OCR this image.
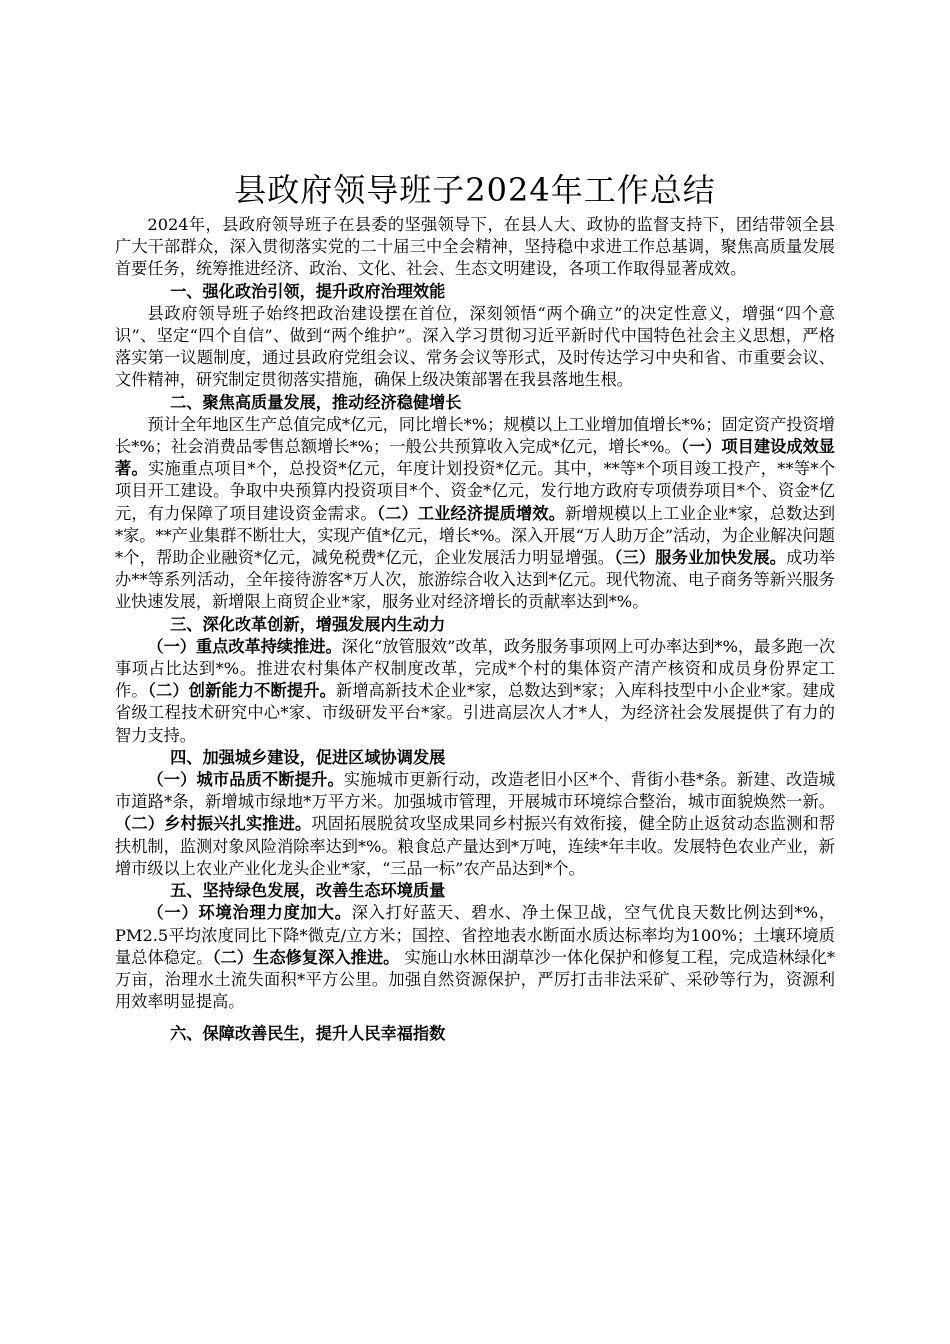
县政府领导班子2024年工作总结

2024年，县政府领导班子在县委的坚强领导下，在县人大、政协的监督支持下，团结带领全县广大干部群众，深入贯彻落实党的二十届三中全会精神，坚持稳中求进工作总基调，聚焦高质量发展首要任务，统筹推进经济、政治、文化、社会、生态文明建设，各项工作取得显著成效。

一、强化政治引领，提升政府治理效能

县政府领导班子始终把政治建设摆在首位，深刻领悟“两个确立”的决定性意义，增强“四个意识”、坚定“四个自信”、做到“两个维护”。深入学习贯彻习近平新时代中国特色社会主义思想，严格落实第一议题制度，通过县政府党组会议、常务会议等形式，及时传达学习中央和省、市重要会议、文件精神，研究制定贯彻落实措施，确保上级决策部署在我县落地生根。

二、聚焦高质量发展，推动经济稳健增长

预计全年地区生产总值完成*亿元，同比增长*%；规模以上工业增加值增长*%；固定资产投资增长*%；社会消费品零售总额增长*%；一般公共预算收入完成*亿元，增长*%。（一）项目建设成效显著。实施重点项目*个，总投资*亿元，年度计划投资*亿元。其中，**等*个项目竣工投产，**等*个项目开工建设。争取中央预算内投资项目*个、资金*亿元，发行地方政府专项债券项目*个、资金*亿元，有力保障了项目建设资金需求。（二）工业经济提质增效。新增规模以上工业企业*家，总数达到*家。**产业集群不断壮大，实现产值*亿元，增长*%。深入开展“万人助万企”活动，为企业解决问题*个，帮助企业融资*亿元，减免税费*亿元，企业发展活力明显增强。（三）服务业加快发展。成功举办**等系列活动，全年接待游客*万人次，旅游综合收入达到*亿元。现代物流、电子商务等新兴服务业快速发展，新增限上商贸企业*家，服务业对经济增长的贡献率达到*%。

三、深化改革创新，增强发展内生动力

（一）重点改革持续推进。深化“放管服效”改革，政务服务事项网上可办率达到*%，最多跑一次事项占比达到*%。推进农村集体产权制度改革，完成*个村的集体资产清产核资和成员身份界定工作。（二）创新能力不断提升。新增高新技术企业*家，总数达到*家；入库科技型中小企业*家。建成省级工程技术研究中心*家、市级研发平台*家。引进高层次人才*人，为经济社会发展提供了有力的智力支持。

四、加强城乡建设，促进区域协调发展

（一）城市品质不断提升。实施城市更新行动，改造老旧小区*个、背街小巷*条。新建、改造城市道路*条，新增城市绿地*万平方米。加强城市管理，开展城市环境综合整治，城市面貌焕然一新。（二）乡村振兴扎实推进。巩固拓展脱贫攻坚成果同乡村振兴有效衔接，健全防止返贫动态监测和帮扶机制，监测对象风险消除率达到*%。粮食总产量达到*万吨，连续*年丰收。发展特色农业产业，新增市级以上农业产业化龙头企业*家，“三品一标”农产品达到*个。

五、坚持绿色发展，改善生态环境质量

（一）环境治理力度加大。深入打好蓝天、碧水、净土保卫战，空气优良天数比例达到*%，PM2.5平均浓度同比下降*微克/立方米；国控、省控地表水断面水质达标率均为100%；土壤环境质量总体稳定。（二）生态修复深入推进。 实施山水林田湖草沙一体化保护和修复工程，完成造林绿化*万亩，治理水土流失面积*平方公里。加强自然资源保护，严厉打击非法采矿、采砂等行为，资源利用效率明显提高。

六、保障改善民生，提升人民幸福指数
